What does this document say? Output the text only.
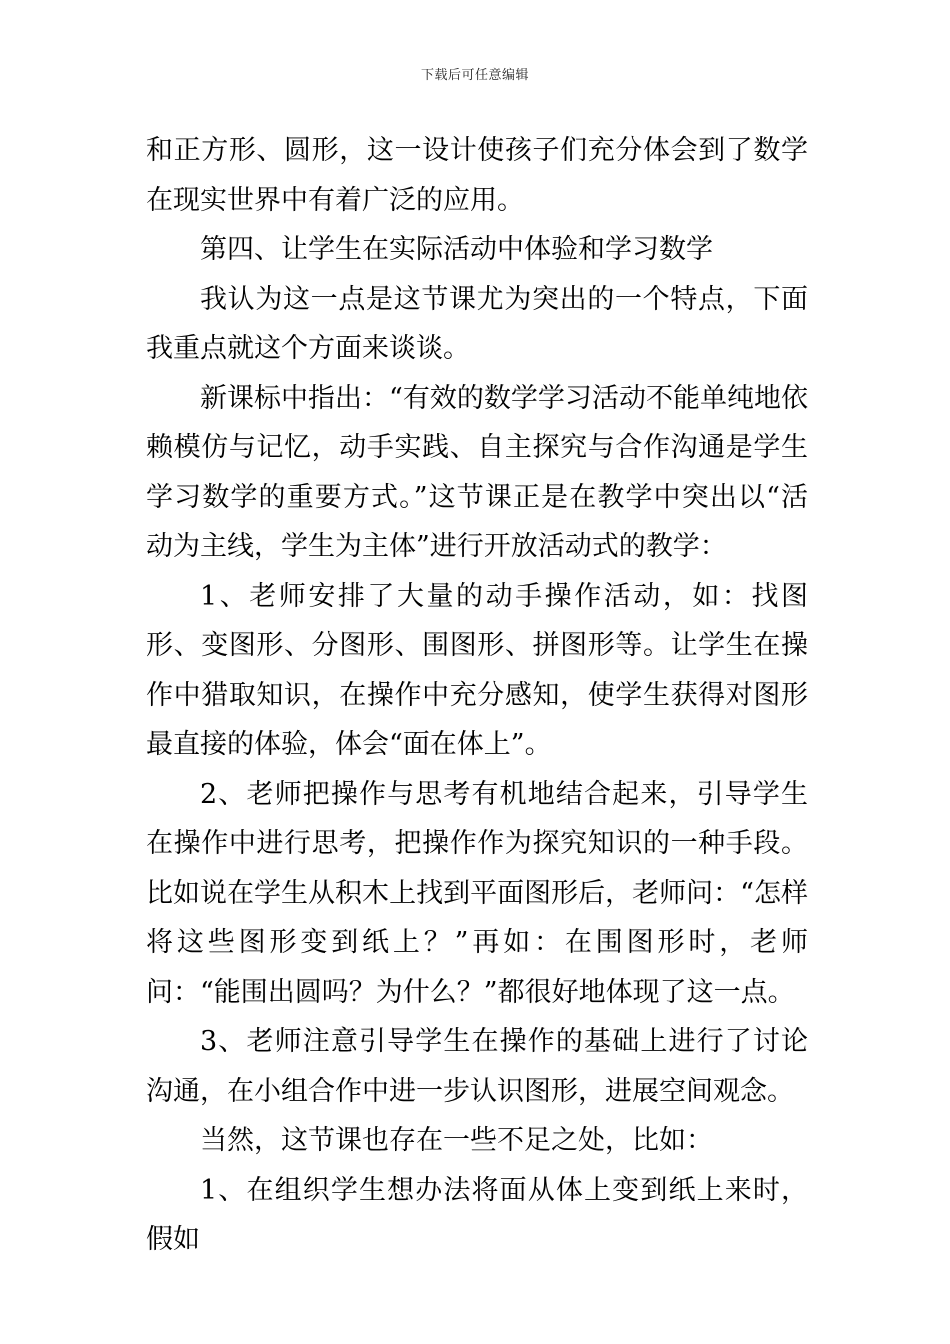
下载后可任意编辑

和正方形、圆形，这一设计使孩子们充分体会到了数学在现实世界中有着广泛的应用。

第四、让学生在实际活动中体验和学习数学

我认为这一点是这节课尤为突出的一个特点，下面我重点就这个方面来谈谈。

新课标中指出：“有效的数学学习活动不能单纯地依赖模仿与记忆，动手实践、自主探究与合作沟通是学生学习数学的重要方式。”这节课正是在教学中突出以“活动为主线，学生为主体”进行开放活动式的教学：

1、老师安排了大量的动手操作活动，如：找图形、变图形、分图形、围图形、拼图形等。让学生在操作中猎取知识，在操作中充分感知，使学生获得对图形最直接的体验，体会“面在体上”。

2、老师把操作与思考有机地结合起来，引导学生在操作中进行思考，把操作作为探究知识的一种手段。比如说在学生从积木上找到平面图形后，老师问：“怎样将这些图形变到纸上？”再如：在围图形时，老师问：“能围出圆吗？为什么？”都很好地体现了这一点。

3、老师注意引导学生在操作的基础上进行了讨论沟通，在小组合作中进一步认识图形，进展空间观念。

当然，这节课也存在一些不足之处，比如：

1、在组织学生想办法将面从体上变到纸上来时，假如
